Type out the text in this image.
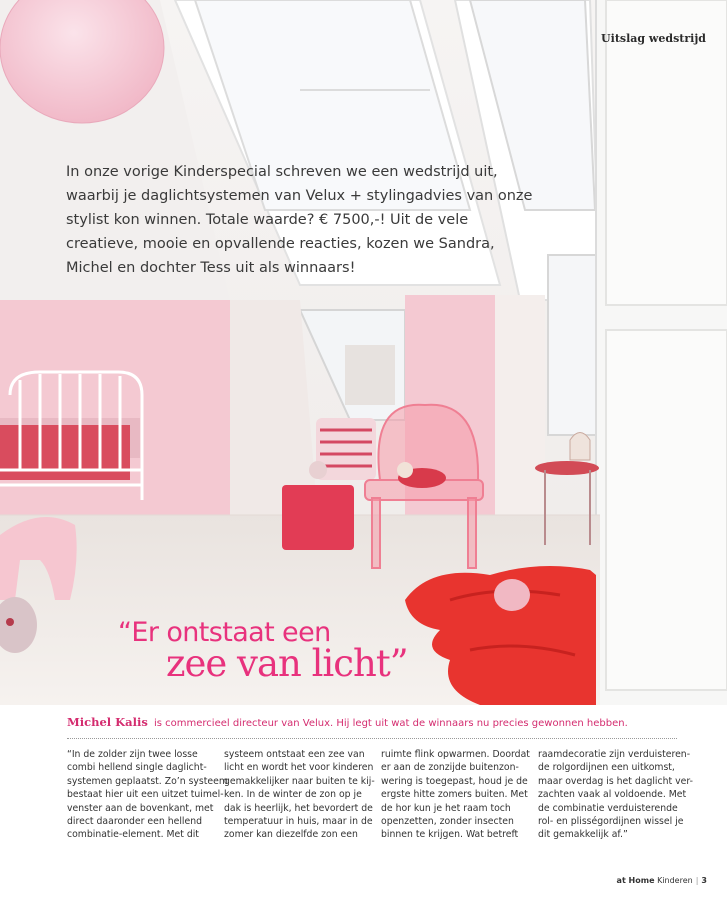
Uitslag wedstrijd

In onze vorige Kinderspecial schreven we een wedstrijd uit, waarbij je daglichtsystemen van Velux + stylingadvies van onze stylist kon winnen. Totale waarde? € 7500,-! Uit de vele creatieve, mooie en opvallende reacties, kozen we Sandra, Michel en dochter Tess uit als winnaars!

“Er ontstaat een
zee van licht”
Michel Kalis is commercieel directeur van Velux. Hij legt uit wat de winnaars nu precies gewonnen hebben.
“In de zolder zijn twee losse
combi hellend single daglicht-
systemen geplaatst. Zo’n systeem
bestaat hier uit een uitzet tuimel-
venster aan de bovenkant, met
direct daaronder een hellend
combinatie-element. Met dit
systeem ontstaat een zee van
licht en wordt het voor kinderen
gemakkelijker naar buiten te kij-
ken. In de winter de zon op je
dak is heerlijk, het bevordert de
temperatuur in huis, maar in de
zomer kan diezelfde zon een
ruimte flink opwarmen. Doordat
er aan de zonzijde buitenzon-
wering is toegepast, houd je de
ergste hitte zomers buiten. Met
de hor kun je het raam toch
openzetten, zonder insecten
binnen te krijgen. Wat betreft
raamdecoratie zijn verduisteren-
de rolgordijnen een uitkomst,
maar overdag is het daglicht ver-
zachten vaak al voldoende. Met
de combinatie verduisterende
rol- en plisségordijnen wissel je
dit gemakkelijk af.”
at Home Kinderen | 3
